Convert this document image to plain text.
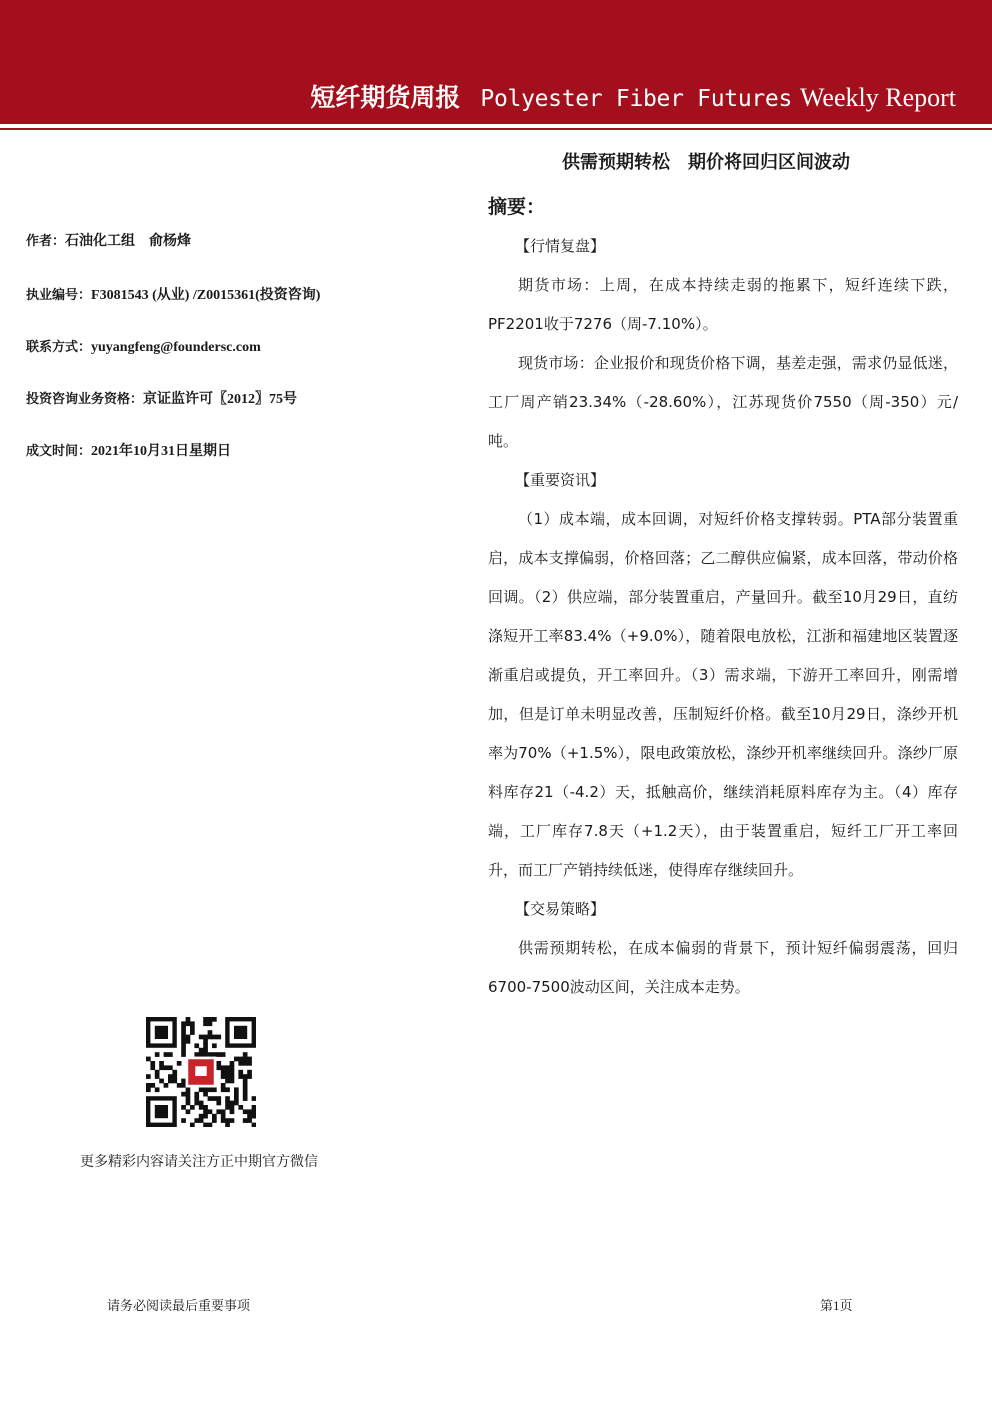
短纤期货周报 Polyester Fiber Futures Weekly Report
作者：石油化工组　俞杨烽
执业编号：F3081543 (从业) /Z0015361(投资咨询)
联系方式：yuyangfeng@foundersc.com
投资咨询业务资格：京证监许可〖2012〗75号
成文时间：2021年10月31日星期日
更多精彩内容请关注方正中期官方微信
供需预期转松　期价将回归区间波动
摘要：

【行情复盘】

期货市场：上周，在成本持续走弱的拖累下，短纤连续下跌，PF2201收于7276（周-7.10%）。

现货市场：企业报价和现货价格下调，基差走强，需求仍显低迷，工厂周产销23.34%（-28.60%），江苏现货价7550（周-350）元/吨。

【重要资讯】

（1）成本端，成本回调，对短纤价格支撑转弱。PTA部分装置重启，成本支撑偏弱，价格回落；乙二醇供应偏紧，成本回落，带动价格回调。（2）供应端，部分装置重启，产量回升。截至10月29日，直纺涤短开工率83.4%（+9.0%），随着限电放松，江浙和福建地区装置逐渐重启或提负，开工率回升。（3）需求端，下游开工率回升，刚需增加，但是订单未明显改善，压制短纤价格。截至10月29日，涤纱开机率为70%（+1.5%），限电政策放松，涤纱开机率继续回升。涤纱厂原料库存21（-4.2）天，抵触高价，继续消耗原料库存为主。（4）库存端，工厂库存7.8天（+1.2天），由于装置重启，短纤工厂开工率回升，而工厂产销持续低迷，使得库存继续回升。

【交易策略】

供需预期转松，在成本偏弱的背景下，预计短纤偏弱震荡，回归6700-7500波动区间，关注成本走势。

请务必阅读最后重要事项	第1页
